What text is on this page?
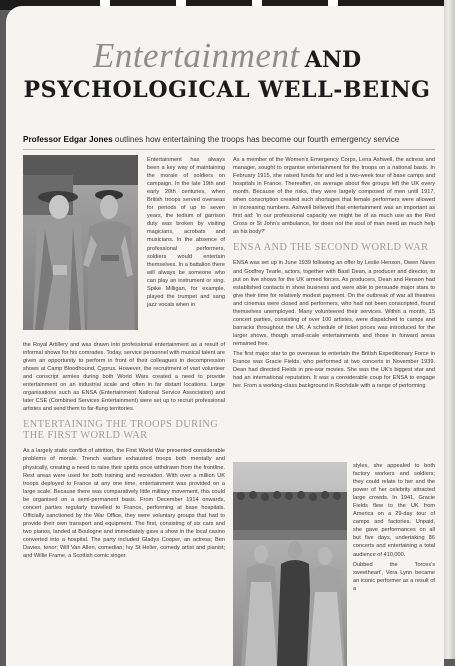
Entertainment AND
PSYCHOLOGICAL WELL-BEING
Professor Edgar Jones outlines how entertaining the troops has become our fourth emergency service

Entertainment has always been a key way of maintaining the morale of soldiers on campaign. In the late 19th and early 20th centuries, when British troops served overseas for periods of up to seven years, the tedium of garrison duty was broken by visiting magicians, acrobats and musicians. In the absence of professional performers, soldiers would entertain themselves. In a battalion there will always be someone who can play an instrument or sing. Spike Milligan, for example, played the trumpet and sang jazz vocals when in

the Royal Artillery and was drawn into professional entertainment as a result of informal shows for his comrades. Today, service personnel with musical talent are given an opportunity to perform in front of their colleagues in decompression shows at Camp Bloodhound, Cyprus. However, the recruitment of vast volunteer and conscript armies during both World Wars created a need to provide entertainment on an industrial scale and often in far distant locations. Large organisations such as ENSA (Entertainment National Service Association) and later CSE (Combined Services Entertainment) were set up to recruit professional artistes and send them to far-flung territories.

ENTERTAINING THE TROOPS DURING THE FIRST WORLD WAR

As a largely static conflict of attrition, the First World War presented considerable problems of morale. Trench warfare exhausted troops both mentally and physically, creating a need to raise their spirits once withdrawn from the frontline. Rest areas were used for both training and recreation. With over a million UK troops deployed to France at any one time, entertainment was provided on a large scale. Because there was comparatively little military movement, this could be organised on a semi-permanent basis. From December 1914 onwards, concert parties regularly travelled to France, performing at base hospitals. Officially sanctioned by the War Office, they were voluntary groups that had to provide their own transport and equipment. The first, consisting of six cars and two pianos, landed at Boulogne and immediately gave a show in the local casino converted into a hospital. The party included Gladys Cooper, an actress; Ben Davies, tenor; Will Van Allen, comedian; Ivy St Helier, comedy artist and pianist; and Willie Frame, a Scottish comic singer.

As a member of the Women's Emergency Corps, Lena Ashwell, the actress and manager, sought to organise entertainment for the troops on a national basis. In February 1915, she raised funds for and led a two-week tour of base camps and hospitals in France. Thereafter, on average about five groups left the UK every month. Because of the risks, they were largely composed of men until 1917, when conscription created such shortages that female performers were allowed in increasing numbers. Ashwell believed that entertainment was an important as first aid: 'in our professional capacity we might be of as much use as the Red Cross or St John's ambulance, for does not the soul of man need as much help as his body?'

ENSA AND THE SECOND WORLD WAR

ENSA was set up in June 1939 following an offer by Leslie Henson, Owen Nares and Godfrey Tearle, actors, together with Basil Dean, a producer and director, to put on live shows for the UK armed forces. As producers, Dean and Henson had established contacts in show business and were able to persuade major stars to give their time for relatively modest payment. On the outbreak of war all theatres and cinemas were closed and performers, who had not been conscripted, found themselves unemployed. Many volunteered their services. Within a month, 15 concert parties, consisting of over 100 artistes, were dispatched to camps and barracks throughout the UK. A schedule of ticket prices was introduced for the larger shows, though small-scale entertainments and those in forward areas remained free.

The first major star to go overseas to entertain the British Expeditionary Force in France was Gracie Fields, who performed at two concerts in November 1939. Dean had directed Fields in pre-war movies. She was the UK's biggest star and had an international reputation. It was a considerable coup for ENSA to engage her. From a working-class background in Rochdale with a range of performing

styles, she appealed to both factory workers and soldiers; they could relate to her and the power of her celebrity attracted large crowds. In 1941, Gracie Fields flew to the UK from America on a 29-day tour of camps and factories. Unpaid, she gave performances on all but five days, undertaking 86 concerts and entertaining a total audience of 410,000.

Dubbed the 'forces's sweetheart', Vera Lynn became an iconic performer as a result of a
